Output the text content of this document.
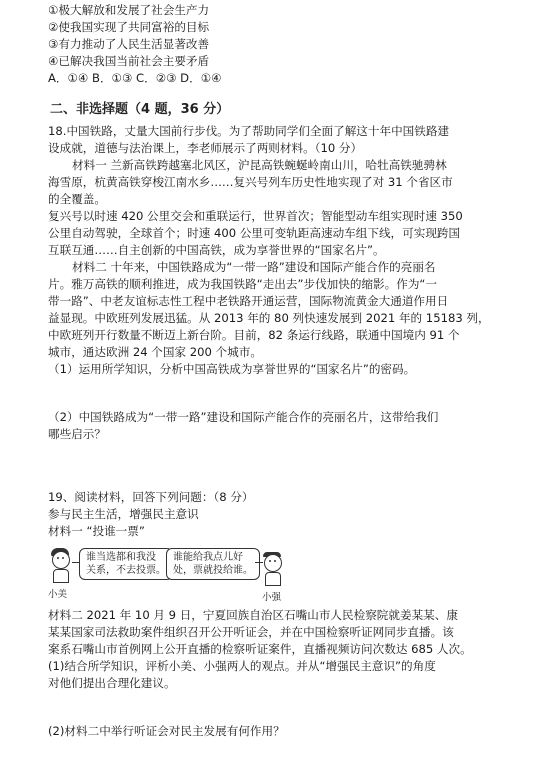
①极大解放和发展了社会生产力
②使我国实现了共同富裕的目标
③有力推动了人民生活显著改善
④已解决我国当前社会主要矛盾
A．①④ B．①③ C．②③ D．①④
二、非选择题（4 题，36 分）
18.中国铁路，丈量大国前行步伐。为了帮助同学们全面了解这十年中国铁路建
设成就，道德与法治课上，李老师展示了两则材料。（10 分）
材料一 兰新高铁跨越塞北风区，沪昆高铁蜿蜒岭南山川，哈牡高铁驰骋林
海雪原，杭黄高铁穿梭江南水乡……复兴号列车历史性地实现了对 31 个省区市
的全覆盖。
复兴号以时速 420 公里交会和重联运行，世界首次；智能型动车组实现时速 350
公里自动驾驶，全球首个；时速 400 公里可变轨距高速动车组下线，可实现跨国
互联互通……自主创新的中国高铁，成为享誉世界的“国家名片”。
材料二 十年来，中国铁路成为“一带一路”建设和国际产能合作的亮丽名
片。雅万高铁的顺利推进，成为我国铁路“走出去”步伐加快的缩影。作为“一
带一路”、中老友谊标志性工程中老铁路开通运营，国际物流黄金大通道作用日
益显现。中欧班列发展迅猛。从 2013 年的 80 列快速发展到 2021 年的 15183 列，
中欧班列开行数量不断迈上新台阶。目前，82 条运行线路，联通中国境内 91 个
城市，通达欧洲 24 个国家 200 个城市。
（1）运用所学知识，分析中国高铁成为享誉世界的“国家名片”的密码。
（2）中国铁路成为“一带一路”建设和国际产能合作的亮丽名片，这带给我们
哪些启示？
19、阅读材料，回答下列问题：（8 分）
参与民主生活，增强民主意识
材料一 “投谁一票”
小美
谁当选都和我没
关系，不去投票。
谁能给我点儿好
处，票就投给谁。
小强
材料二 2021 年 10 月 9 日，宁夏回族自治区石嘴山市人民检察院就姜某某、康
某某国家司法救助案件组织召开公开听证会，并在中国检察听证网同步直播。该
案系石嘴山市首例网上公开直播的检察听证案件，直播视频访问次数达 685 人次。
(1)结合所学知识，评析小美、小强两人的观点。并从“增强民主意识”的角度
对他们提出合理化建议。
(2)材料二中举行听证会对民主发展有何作用？
